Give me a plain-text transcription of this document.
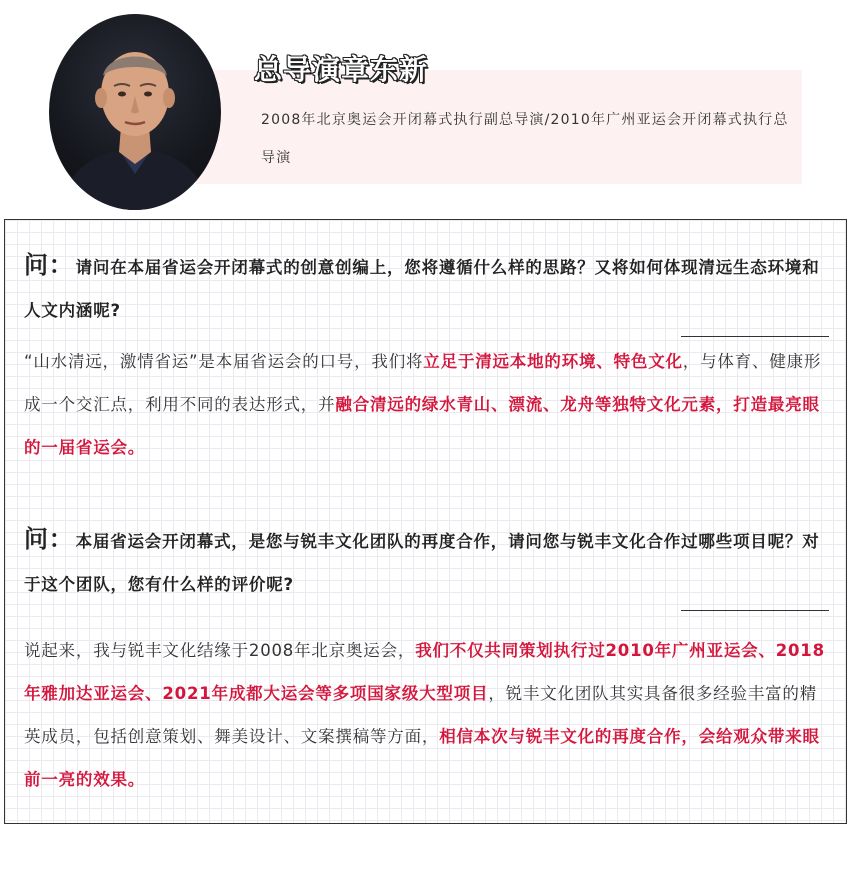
总导演章东新
2008年北京奥运会开闭幕式执行副总导演/2010年广州亚运会开闭幕式执行总导演
问： 请问在本届省运会开闭幕式的创意创编上，您将遵循什么样的思路？又将如何体现清远生态环境和人文内涵呢?
“山水清远，激情省运”是本届省运会的口号，我们将立足于清远本地的环境、特色文化，与体育、健康形成一个交汇点，利用不同的表达形式，并融合清远的绿水青山、漂流、龙舟等独特文化元素，打造最亮眼的一届省运会。
问： 本届省运会开闭幕式，是您与锐丰文化团队的再度合作，请问您与锐丰文化合作过哪些项目呢？对于这个团队，您有什么样的评价呢?
说起来，我与锐丰文化结缘于2008年北京奥运会，我们不仅共同策划执行过2010年广州亚运会、2018年雅加达亚运会、2021年成都大运会等多项国家级大型项目，锐丰文化团队其实具备很多经验丰富的精英成员，包括创意策划、舞美设计、文案撰稿等方面，相信本次与锐丰文化的再度合作，会给观众带来眼前一亮的效果。
